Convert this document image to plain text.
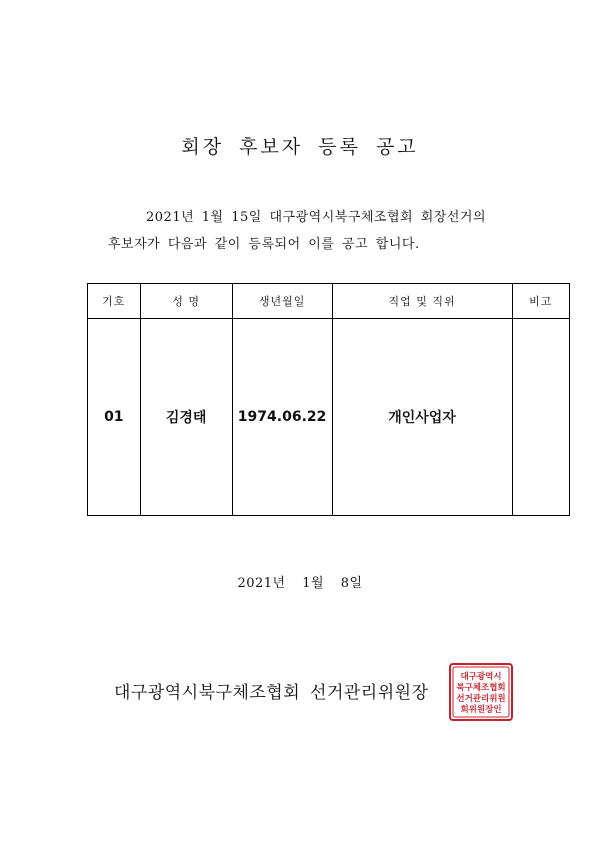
회장 후보자 등록 공고
2021년 1월 15일 대구광역시북구체조협회 회장선거의
후보자가 다음과 같이 등록되어 이를 공고 합니다.
기호	성 명	생년월일	직업 및 직위	비고
01	김경태	1974.06.22	개인사업자	
2021년 1월 8일
대구광역시북구체조협회 선거관리위원장
대구광역시
북구체조협회
선거관리위원
회위원장인
